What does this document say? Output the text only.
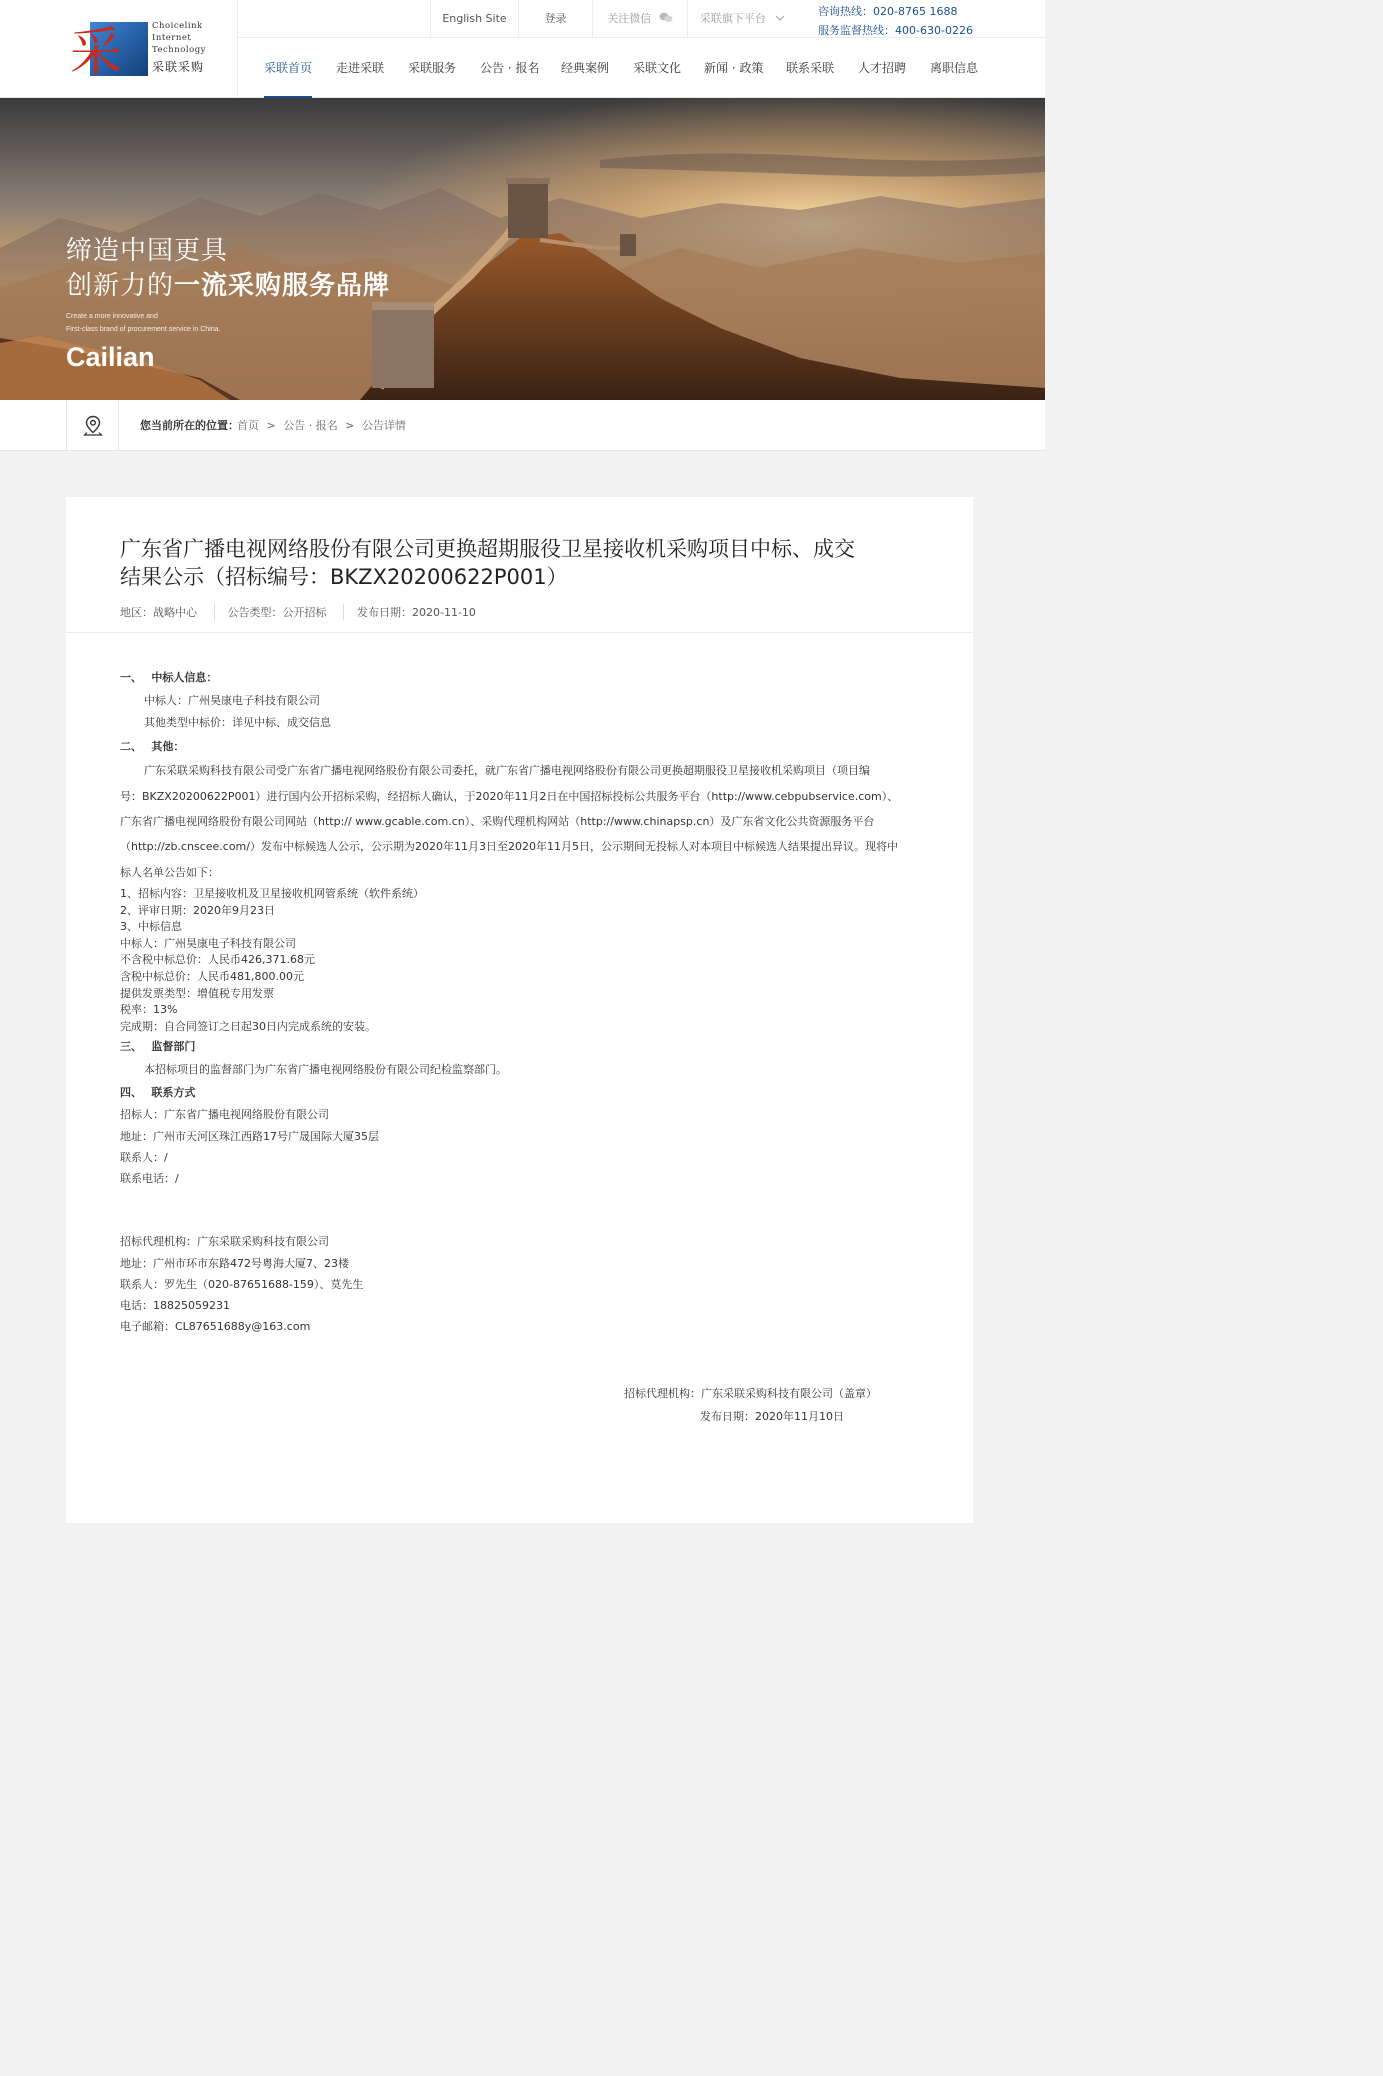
采	Choicelink
Internet
Technology
采联采购
English Site	登录	关注微信	采联旗下平台
咨询热线：020-8765 1688
服务监督热线：400-630-0226
采联首页 走进采联 采联服务 公告 · 报名 经典案例 采联文化 新闻 · 政策 联系采联 人才招聘 离职信息
缔造中国更具
创新力的一流采购服务品牌
Create a more innovative and
First-class brand of procurement service in China.
Cailian
您当前所在的位置：
首页 > 公告 · 报名 > 公告详情
广东省广播电视网络股份有限公司更换超期服役卫星接收机采购项目中标、成交结果公示（招标编号：BKZX20200622P001）
地区：战略中心	公告类型：公开招标	发布日期：2020-11-10
一、　 中标人信息：
中标人：广州昊康电子科技有限公司
其他类型中标价：详见中标、成交信息
二、　 其他：
广东采联采购科技有限公司受广东省广播电视网络股份有限公司委托，就广东省广播电视网络股份有限公司更换超期服役卫星接收机采购项目（项目编
号：BKZX20200622P001）进行国内公开招标采购，经招标人确认，于2020年11月2日在中国招标投标公共服务平台（http://www.cebpubservice.com）、
广东省广播电视网络股份有限公司网站（http:// www.gcable.com.cn）、采购代理机构网站（http://www.chinapsp.cn）及广东省文化公共资源服务平台
（http://zb.cnscee.com/）发布中标候选人公示，公示期为2020年11月3日至2020年11月5日，公示期间无投标人对本项目中标候选人结果提出异议。现将中
标人名单公告如下：
1、招标内容：卫星接收机及卫星接收机网管系统（软件系统）
2、评审日期：2020年9月23日
3、中标信息
中标人：广州昊康电子科技有限公司
不含税中标总价：人民币426,371.68元
含税中标总价：人民币481,800.00元
提供发票类型：增值税专用发票
税率：13%
完成期：自合同签订之日起30日内完成系统的安装。
三、　 监督部门
本招标项目的监督部门为广东省广播电视网络股份有限公司纪检监察部门。
四、　 联系方式
招标人：广东省广播电视网络股份有限公司
地址：广州市天河区珠江西路17号广晟国际大厦35层
联系人：/
联系电话：/
招标代理机构：广东采联采购科技有限公司
地址：广州市环市东路472号粤海大厦7、23楼
联系人：罗先生（020-87651688-159）、莫先生
电话：18825059231
电子邮箱：CL87651688y@163.com
招标代理机构：广东采联采购科技有限公司（盖章）
发布日期：2020年11月10日
